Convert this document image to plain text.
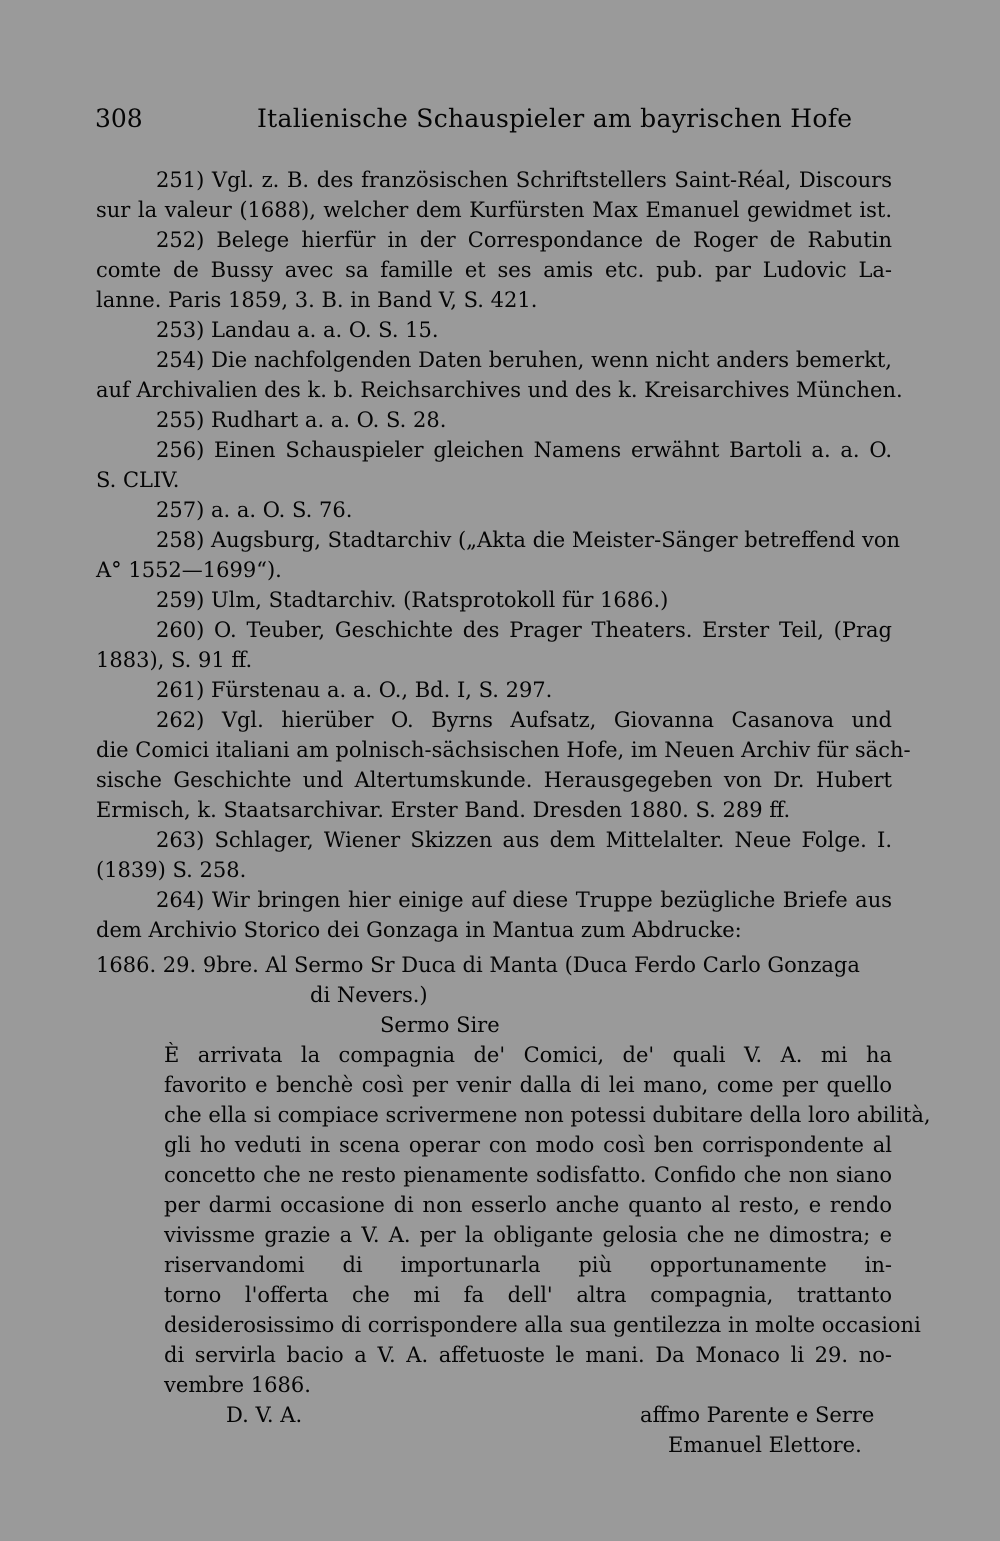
308	Italienische Schauspieler am bayrischen Hofe
251) Vgl. z. B. des französischen Schriftstellers Saint-Réal, Discours
sur la valeur (1688), welcher dem Kurfürsten Max Emanuel gewidmet ist.
252) Belege hierfür in der Correspondance de Roger de Rabutin
comte de Bussy avec sa famille et ses amis etc. pub. par Ludovic La-
lanne. Paris 1859, 3. B. in Band V, S. 421.
253) Landau a. a. O. S. 15.
254) Die nachfolgenden Daten beruhen, wenn nicht anders bemerkt,
auf Archivalien des k. b. Reichsarchives und des k. Kreisarchives München.
255) Rudhart a. a. O. S. 28.
256) Einen Schauspieler gleichen Namens erwähnt Bartoli a. a. O.
S. CLIV.
257) a. a. O. S. 76.
258) Augsburg, Stadtarchiv („Akta die Meister-Sänger betreffend von
A° 1552—1699“).
259) Ulm, Stadtarchiv. (Ratsprotokoll für 1686.)
260) O. Teuber, Geschichte des Prager Theaters. Erster Teil, (Prag
1883), S. 91 ff.
261) Fürstenau a. a. O., Bd. I, S. 297.
262) Vgl. hierüber O. Byrns Aufsatz, Giovanna Casanova und
die Comici italiani am polnisch-sächsischen Hofe, im Neuen Archiv für säch-
sische Geschichte und Altertumskunde. Herausgegeben von Dr. Hubert
Ermisch, k. Staatsarchivar. Erster Band. Dresden 1880. S. 289 ff.
263) Schlager, Wiener Skizzen aus dem Mittelalter. Neue Folge. I.
(1839) S. 258.
264) Wir bringen hier einige auf diese Truppe bezügliche Briefe aus
dem Archivio Storico dei Gonzaga in Mantua zum Abdrucke:
1686. 29. 9bre. Al Sermo Sr Duca di Manta (Duca Ferdo Carlo Gonzaga
di Nevers.)
Sermo Sire
È arrivata la compagnia de' Comici, de' quali V. A. mi ha
favorito e benchè così per venir dalla di lei mano, come per quello
che ella si compiace scrivermene non potessi dubitare della loro abilità,
gli ho veduti in scena operar con modo così ben corrispondente al
concetto che ne resto pienamente sodisfatto. Confido che non siano
per darmi occasione di non esserlo anche quanto al resto, e rendo
vivissme grazie a V. A. per la obligante gelosia che ne dimostra; e
riservandomi di importunarla più opportunamente in-
torno l'offerta che mi fa dell' altra compagnia, trattanto
desiderosissimo di corrispondere alla sua gentilezza in molte occasioni
di servirla bacio a V. A. affetuoste le mani. Da Monaco li 29. no-
vembre 1686.
D. V. A.	affmo Parente e Serre
Emanuel Elettore.
